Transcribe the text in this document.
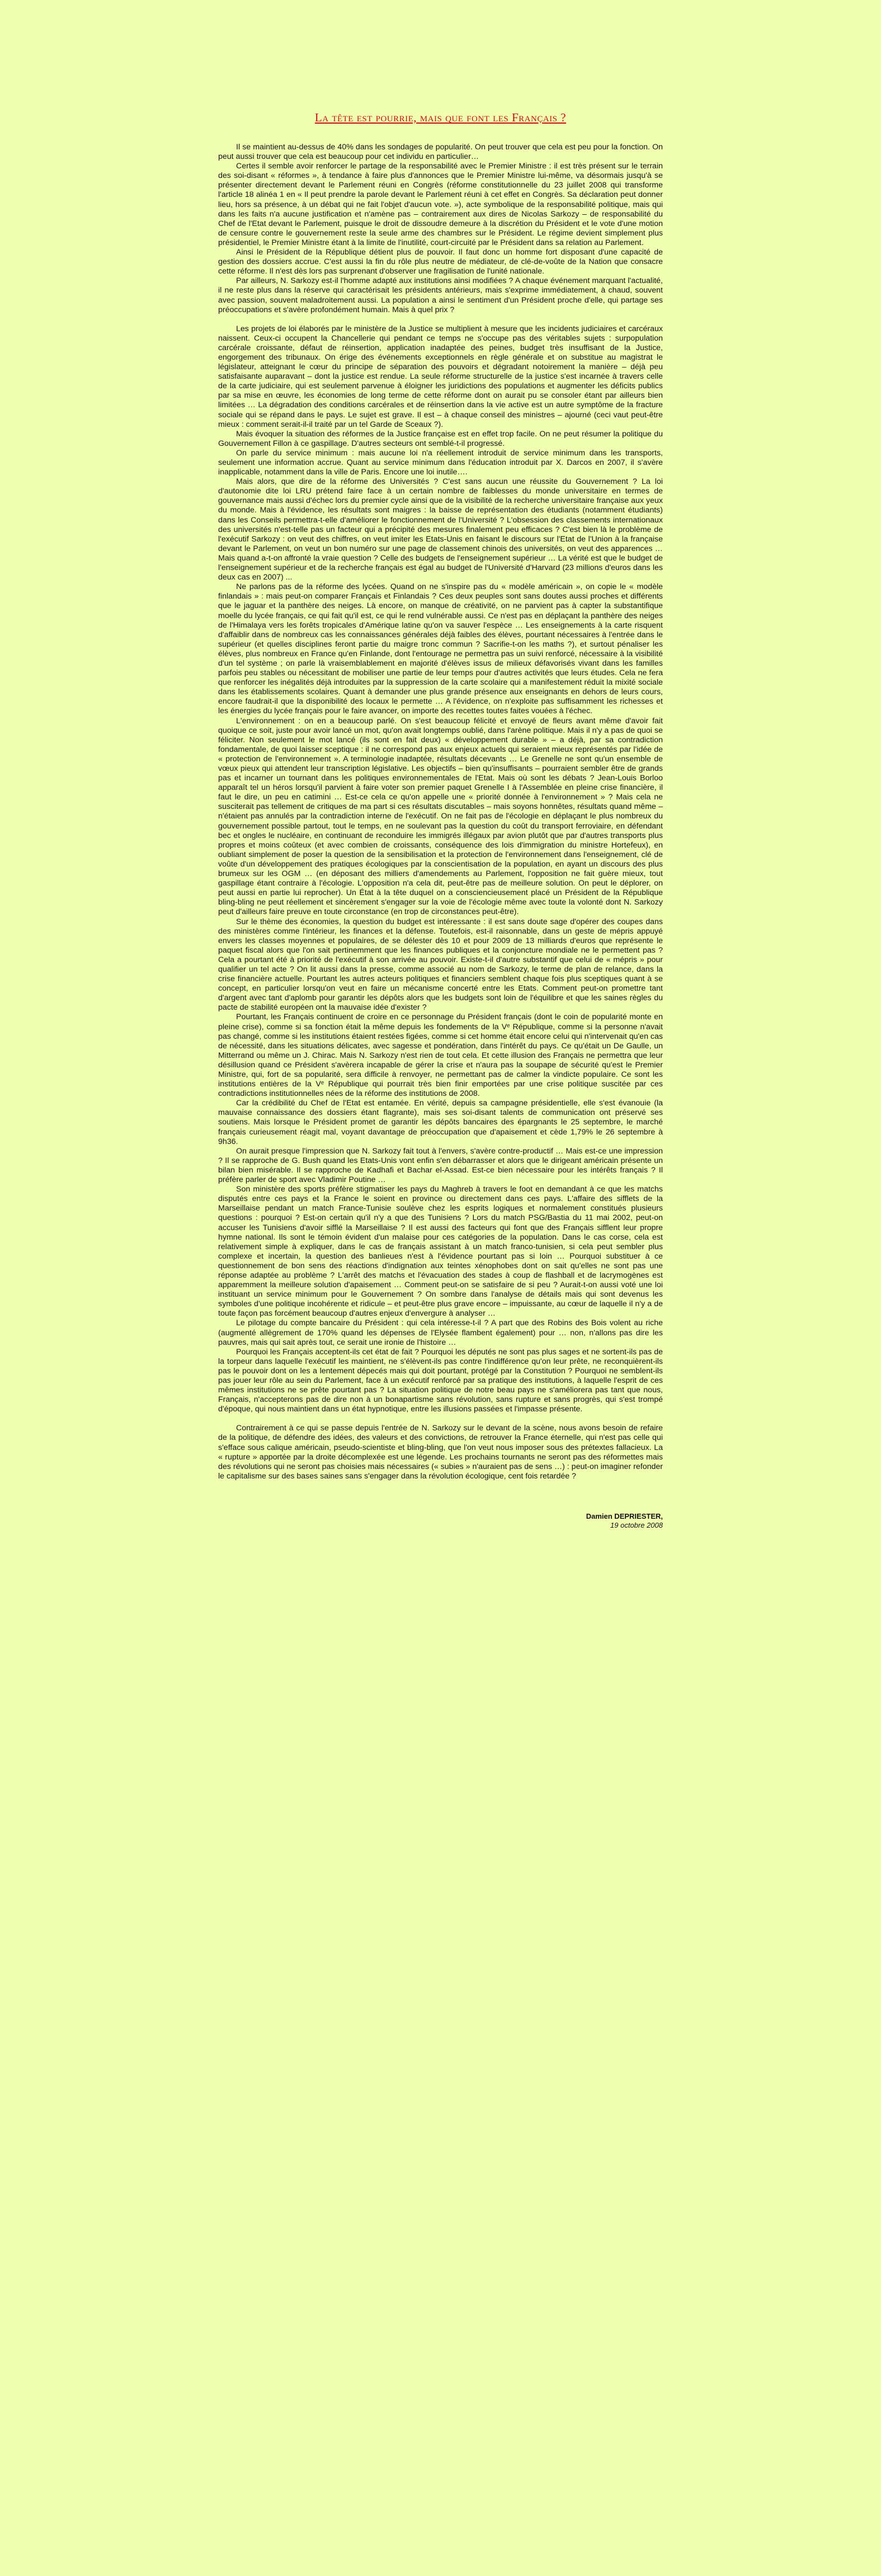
La tête est pourrie, mais que font les Français ?

Il se maintient au-dessus de 40% dans les sondages de popularité. On peut trouver que cela est peu pour la fonction. On peut aussi trouver que cela est beaucoup pour cet individu en particulier…

Certes il semble avoir renforcer le partage de la responsabilité avec le Premier Ministre : il est très présent sur le terrain des soi-disant « réformes », à tendance à faire plus d'annonces que le Premier Ministre lui-même, va désormais jusqu'à se présenter directement devant le Parlement réuni en Congrès (réforme constitutionnelle du 23 juillet 2008 qui transforme l'article 18 alinéa 1 en « Il peut prendre la parole devant le Parlement réuni à cet effet en Congrès. Sa déclaration peut donner lieu, hors sa présence, à un débat qui ne fait l'objet d'aucun vote. »), acte symbolique de la responsabilité politique, mais qui dans les faits n'a aucune justification et n'amène pas – contrairement aux dires de Nicolas Sarkozy – de responsabilité du Chef de l'Etat devant le Parlement, puisque le droit de dissoudre demeure à la discrétion du Président et le vote d'une motion de censure contre le gouvernement reste la seule arme des chambres sur le Président. Le régime devient simplement plus présidentiel, le Premier Ministre étant à la limite de l'inutilité, court-circuité par le Président dans sa relation au Parlement.

Ainsi le Président de la République détient plus de pouvoir. Il faut donc un homme fort disposant d'une capacité de gestion des dossiers accrue. C'est aussi la fin du rôle plus neutre de médiateur, de clé-de-voûte de la Nation que consacre cette réforme. Il n'est dès lors pas surprenant d'observer une fragilisation de l'unité nationale.

Par ailleurs, N. Sarkozy est-il l'homme adapté aux institutions ainsi modifiées ? A chaque événement marquant l'actualité, il ne reste plus dans la réserve qui caractérisait les présidents antérieurs, mais s'exprime immédiatement, à chaud, souvent avec passion, souvent maladroitement aussi. La population a ainsi le sentiment d'un Président proche d'elle, qui partage ses préoccupations et s'avère profondément humain. Mais à quel prix ?

Les projets de loi élaborés par le ministère de la Justice se multiplient à mesure que les incidents judiciaires et carcéraux naissent. Ceux-ci occupent la Chancellerie qui pendant ce temps ne s'occupe pas des véritables sujets : surpopulation carcérale croissante, défaut de réinsertion, application inadaptée des peines, budget très insuffisant de la Justice, engorgement des tribunaux. On érige des événements exceptionnels en règle générale et on substitue au magistrat le législateur, atteignant le cœur du principe de séparation des pouvoirs et dégradant notoirement la manière – déjà peu satisfaisante auparavant – dont la justice est rendue. La seule réforme structurelle de la justice s'est incarnée à travers celle de la carte judiciaire, qui est seulement parvenue à éloigner les juridictions des populations et augmenter les déficits publics par sa mise en œuvre, les économies de long terme de cette réforme dont on aurait pu se consoler étant par ailleurs bien limitées … La dégradation des conditions carcérales et de réinsertion dans la vie active est un autre symptôme de la fracture sociale qui se répand dans le pays. Le sujet est grave. Il est – à chaque conseil des ministres – ajourné (ceci vaut peut-être mieux : comment serait-il-il traité par un tel Garde de Sceaux ?).

Mais évoquer la situation des réformes de la Justice française est en effet trop facile. On ne peut résumer la politique du Gouvernement Fillon à ce gaspillage. D'autres secteurs ont semblé-t-il progressé.

On parle du service minimum : mais aucune loi n'a réellement introduit de service minimum dans les transports, seulement une information accrue. Quant au service minimum dans l'éducation introduit par X. Darcos en 2007, il s'avère inapplicable, notamment dans la ville de Paris. Encore une loi inutile….

Mais alors, que dire de la réforme des Universités ? C'est sans aucun une réussite du Gouvernement ? La loi d'autonomie dite loi LRU prétend faire face à un certain nombre de faiblesses du monde universitaire en termes de gouvernance mais aussi d'échec lors du premier cycle ainsi que de la visibilité de la recherche universitaire française aux yeux du monde. Mais à l'évidence, les résultats sont maigres : la baisse de représentation des étudiants (notamment étudiants) dans les Conseils permettra-t-elle d'améliorer le fonctionnement de l'Université ? L'obsession des classements internationaux des universités n'est-telle pas un facteur qui a précipité des mesures finalement peu efficaces ? C'est bien là le problème de l'exécutif Sarkozy : on veut des chiffres, on veut imiter les Etats-Unis en faisant le discours sur l'Etat de l'Union à la française devant le Parlement, on veut un bon numéro sur une page de classement chinois des universités, on veut des apparences … Mais quand a-t-on affronté la vraie question ? Celle des budgets de l'enseignement supérieur … La vérité est que le budget de l'enseignement supérieur et de la recherche français est égal au budget de l'Université d'Harvard (23 millions d'euros dans les deux cas en 2007) ...

Ne parlons pas de la réforme des lycées. Quand on ne s'inspire pas du « modèle américain », on copie le « modèle finlandais » : mais peut-on comparer Français et Finlandais ? Ces deux peuples sont sans doutes aussi proches et différents que le jaguar et la panthère des neiges. Là encore, on manque de créativité, on ne parvient pas à capter la substantifique moelle du lycée français, ce qui fait qu'il est, ce qui le rend vulnérable aussi. Ce n'est pas en déplaçant la panthère des neiges de l'Himalaya vers les forêts tropicales d'Amérique latine qu'on va sauver l'espèce … Les enseignements à la carte risquent d'affaiblir dans de nombreux cas les connaissances générales déjà faibles des élèves, pourtant nécessaires à l'entrée dans le supérieur (et quelles disciplines feront partie du maigre tronc commun ? Sacrifie-t-on les maths ?), et surtout pénaliser les élèves, plus nombreux en France qu'en Finlande, dont l'entourage ne permettra pas un suivi renforcé, nécessaire à la visibilité d'un tel système ; on parle là vraisemblablement en majorité d'élèves issus de milieux défavorisés vivant dans les familles parfois peu stables ou nécessitant de mobiliser une partie de leur temps pour d'autres activités que leurs études. Cela ne fera que renforcer les inégalités déjà introduites par la suppression de la carte scolaire qui a manifestement réduit la mixité sociale dans les établissements scolaires. Quant à demander une plus grande présence aux enseignants en dehors de leurs cours, encore faudrait-il que la disponibilité des locaux le permette … A l'évidence, on n'exploite pas suffisamment les richesses et les énergies du lycée français pour le faire avancer, on importe des recettes toutes faites vouées à l'échec.

L'environnement : on en a beaucoup parlé. On s'est beaucoup félicité et envoyé de fleurs avant même d'avoir fait quoique ce soit, juste pour avoir lancé un mot, qu'on avait longtemps oublié, dans l'arène politique. Mais il n'y a pas de quoi se féliciter. Non seulement le mot lancé (ils sont en fait deux) « développement durable » – a déjà, par sa contradiction fondamentale, de quoi laisser sceptique : il ne correspond pas aux enjeux actuels qui seraient mieux représentés par l'idée de « protection de l'environnement ». A terminologie inadaptée, résultats décevants … Le Grenelle ne sont qu'un ensemble de vœux pieux qui attendent leur transcription législative. Les objectifs – bien qu'insuffisants – pourraient sembler être de grands pas et incarner un tournant dans les politiques environnementales de l'Etat. Mais où sont les débats ? Jean-Louis Borloo apparaît tel un héros lorsqu'il parvient à faire voter son premier paquet Grenelle I à l'Assemblée en pleine crise financière, il faut le dire, un peu en catimini … Est-ce cela ce qu'on appelle une « priorité donnée à l'environnement » ? Mais cela ne susciterait pas tellement de critiques de ma part si ces résultats discutables – mais soyons honnêtes, résultats quand même – n'étaient pas annulés par la contradiction interne de l'exécutif. On ne fait pas de l'écologie en déplaçant le plus nombreux du gouvernement possible partout, tout le temps, en ne soulevant pas la question du coût du transport ferroviaire, en défendant bec et ongles le nucléaire, en continuant de reconduire les immigrés illégaux par avion plutôt que par d'autres transports plus propres et moins coûteux (et avec combien de croissants, conséquence des lois d'immigration du ministre Hortefeux), en oubliant simplement de poser la question de la sensibilisation et la protection de l'environnement dans l'enseignement, clé de voûte d'un développement des pratiques écologiques par la conscientisation de la population, en ayant un discours des plus brumeux sur les OGM … (en déposant des milliers d'amendements au Parlement, l'opposition ne fait guère mieux, tout gaspillage étant contraire à l'écologie. L'opposition n'a cela dit, peut-être pas de meilleure solution. On peut le déplorer, on peut aussi en partie lui reprocher). Un État à la tête duquel on a consciencieusement placé un Président de la République bling-bling ne peut réellement et sincèrement s'engager sur la voie de l'écologie même avec toute la volonté dont N. Sarkozy peut d'ailleurs faire preuve en toute circonstance (en trop de circonstances peut-être).

Sur le thème des économies, la question du budget est intéressante : il est sans doute sage d'opérer des coupes dans des ministères comme l'intérieur, les finances et la défense. Toutefois, est-il raisonnable, dans un geste de mépris appuyé envers les classes moyennes et populaires, de se délester dès 10 et pour 2009 de 13 milliards d'euros que représente le paquet fiscal alors que l'on sait pertinemment que les finances publiques et la conjoncture mondiale ne le permettent pas ? Cela a pourtant été à priorité de l'exécutif à son arrivée au pouvoir. Existe-t-il d'autre substantif que celui de « mépris » pour qualifier un tel acte ? On lit aussi dans la presse, comme associé au nom de Sarkozy, le terme de plan de relance, dans la crise financière actuelle. Pourtant les autres acteurs politiques et financiers semblent chaque fois plus sceptiques quant à se concept, en particulier lorsqu'on veut en faire un mécanisme concerté entre les Etats. Comment peut-on promettre tant d'argent avec tant d'aplomb pour garantir les dépôts alors que les budgets sont loin de l'équilibre et que les saines règles du pacte de stabilité européen ont la mauvaise idée d'exister ?

Pourtant, les Français continuent de croire en ce personnage du Président français (dont le coin de popularité monte en pleine crise), comme si sa fonction était la même depuis les fondements de la Vᵉ République, comme si la personne n'avait pas changé, comme si les institutions étaient restées figées, comme si cet homme était encore celui qui n'intervenait qu'en cas de nécessité, dans les situations délicates, avec sagesse et pondération, dans l'intérêt du pays. Ce qu'était un De Gaulle, un Mitterrand ou même un J. Chirac. Mais N. Sarkozy n'est rien de tout cela. Et cette illusion des Français ne permettra que leur désillusion quand ce Président s'avèrera incapable de gérer la crise et n'aura pas la soupape de sécurité qu'est le Premier Ministre, qui, fort de sa popularité, sera difficile à renvoyer, ne permettant pas de calmer la vindicte populaire. Ce sont les institutions entières de la Vᵉ République qui pourrait très bien finir emportées par une crise politique suscitée par ces contradictions institutionnelles nées de la réforme des institutions de 2008.

Car la crédibilité du Chef de l'Etat est entamée. En vérité, depuis sa campagne présidentielle, elle s'est évanouie (la mauvaise connaissance des dossiers étant flagrante), mais ses soi-disant talents de communication ont préservé ses soutiens. Mais lorsque le Président promet de garantir les dépôts bancaires des épargnants le 25 septembre, le marché français curieusement réagit mal, voyant davantage de préoccupation que d'apaisement et cède 1,79% le 26 septembre à 9h36.

On aurait presque l'impression que N. Sarkozy fait tout à l'envers, s'avère contre-productif … Mais est-ce une impression ? Il se rapproche de G. Bush quand les Etats-Unis vont enfin s'en débarrasser et alors que le dirigeant américain présente un bilan bien misérable. Il se rapproche de Kadhafi et Bachar el-Assad. Est-ce bien nécessaire pour les intérêts français ? Il préfère parler de sport avec Vladimir Poutine …

Son ministère des sports préfère stigmatiser les pays du Maghreb à travers le foot en demandant à ce que les matchs disputés entre ces pays et la France le soient en province ou directement dans ces pays. L'affaire des sifflets de la Marseillaise pendant un match France-Tunisie soulève chez les esprits logiques et normalement constitués plusieurs questions : pourquoi ? Est-on certain qu'il n'y a que des Tunisiens ? Lors du match PSG/Bastia du 11 mai 2002, peut-on accuser les Tunisiens d'avoir sifflé la Marseillaise ? Il est aussi des facteurs qui font que des Français sifflent leur propre hymne national. Ils sont le témoin évident d'un malaise pour ces catégories de la population. Dans le cas corse, cela est relativement simple à expliquer, dans le cas de français assistant à un match franco-tunisien, si cela peut sembler plus complexe et incertain, la question des banlieues n'est à l'évidence pourtant pas si loin … Pourquoi substituer à ce questionnement de bon sens des réactions d'indignation aux teintes xénophobes dont on sait qu'elles ne sont pas une réponse adaptée au problème ? L'arrêt des matchs et l'évacuation des stades à coup de flashball et de lacrymogènes est apparemment la meilleure solution d'apaisement … Comment peut-on se satisfaire de si peu ? Aurait-t-on aussi voté une loi instituant un service minimum pour le Gouvernement ? On sombre dans l'analyse de détails mais qui sont devenus les symboles d'une politique incohérente et ridicule – et peut-être plus grave encore – impuissante, au cœur de laquelle il n'y a de toute façon pas forcément beaucoup d'autres enjeux d'envergure à analyser …

Le pilotage du compte bancaire du Président : qui cela intéresse-t-il ? A part que des Robins des Bois volent au riche (augmenté allègrement de 170% quand les dépenses de l'Elysée flambent également) pour … non, n'allons pas dire les pauvres, mais qui sait après tout, ce serait une ironie de l'histoire …

Pourquoi les Français acceptent-ils cet état de fait ? Pourquoi les députés ne sont pas plus sages et ne sortent-ils pas de la torpeur dans laquelle l'exécutif les maintient, ne s'élèvent-ils pas contre l'indifférence qu'on leur prête, ne reconquièrent-ils pas le pouvoir dont on les a lentement dépecés mais qui doit pourtant, protégé par la Constitution ? Pourquoi ne semblent-ils pas jouer leur rôle au sein du Parlement, face à un exécutif renforcé par sa pratique des institutions, à laquelle l'esprit de ces mêmes institutions ne se prête pourtant pas ? La situation politique de notre beau pays ne s'améliorera pas tant que nous, Français, n'accepterons pas de dire non à un bonapartisme sans révolution, sans rupture et sans progrès, qui s'est trompé d'époque, qui nous maintient dans un état hypnotique, entre les illusions passées et l'impasse présente.

Contrairement à ce qui se passe depuis l'entrée de N. Sarkozy sur le devant de la scène, nous avons besoin de refaire de la politique, de défendre des idées, des valeurs et des convictions, de retrouver la France éternelle, qui n'est pas celle qui s'efface sous calique américain, pseudo-scientiste et bling-bling, que l'on veut nous imposer sous des prétextes fallacieux. La « rupture » apportée par la droite décomplexée est une légende. Les prochains tournants ne seront pas des réformettes mais des révolutions qui ne seront pas choisies mais nécessaires (« subies » n'auraient pas de sens …) : peut-on imaginer refonder le capitalisme sur des bases saines sans s'engager dans la révolution écologique, cent fois retardée ?

Damien DEPRIESTER,
19 octobre 2008
